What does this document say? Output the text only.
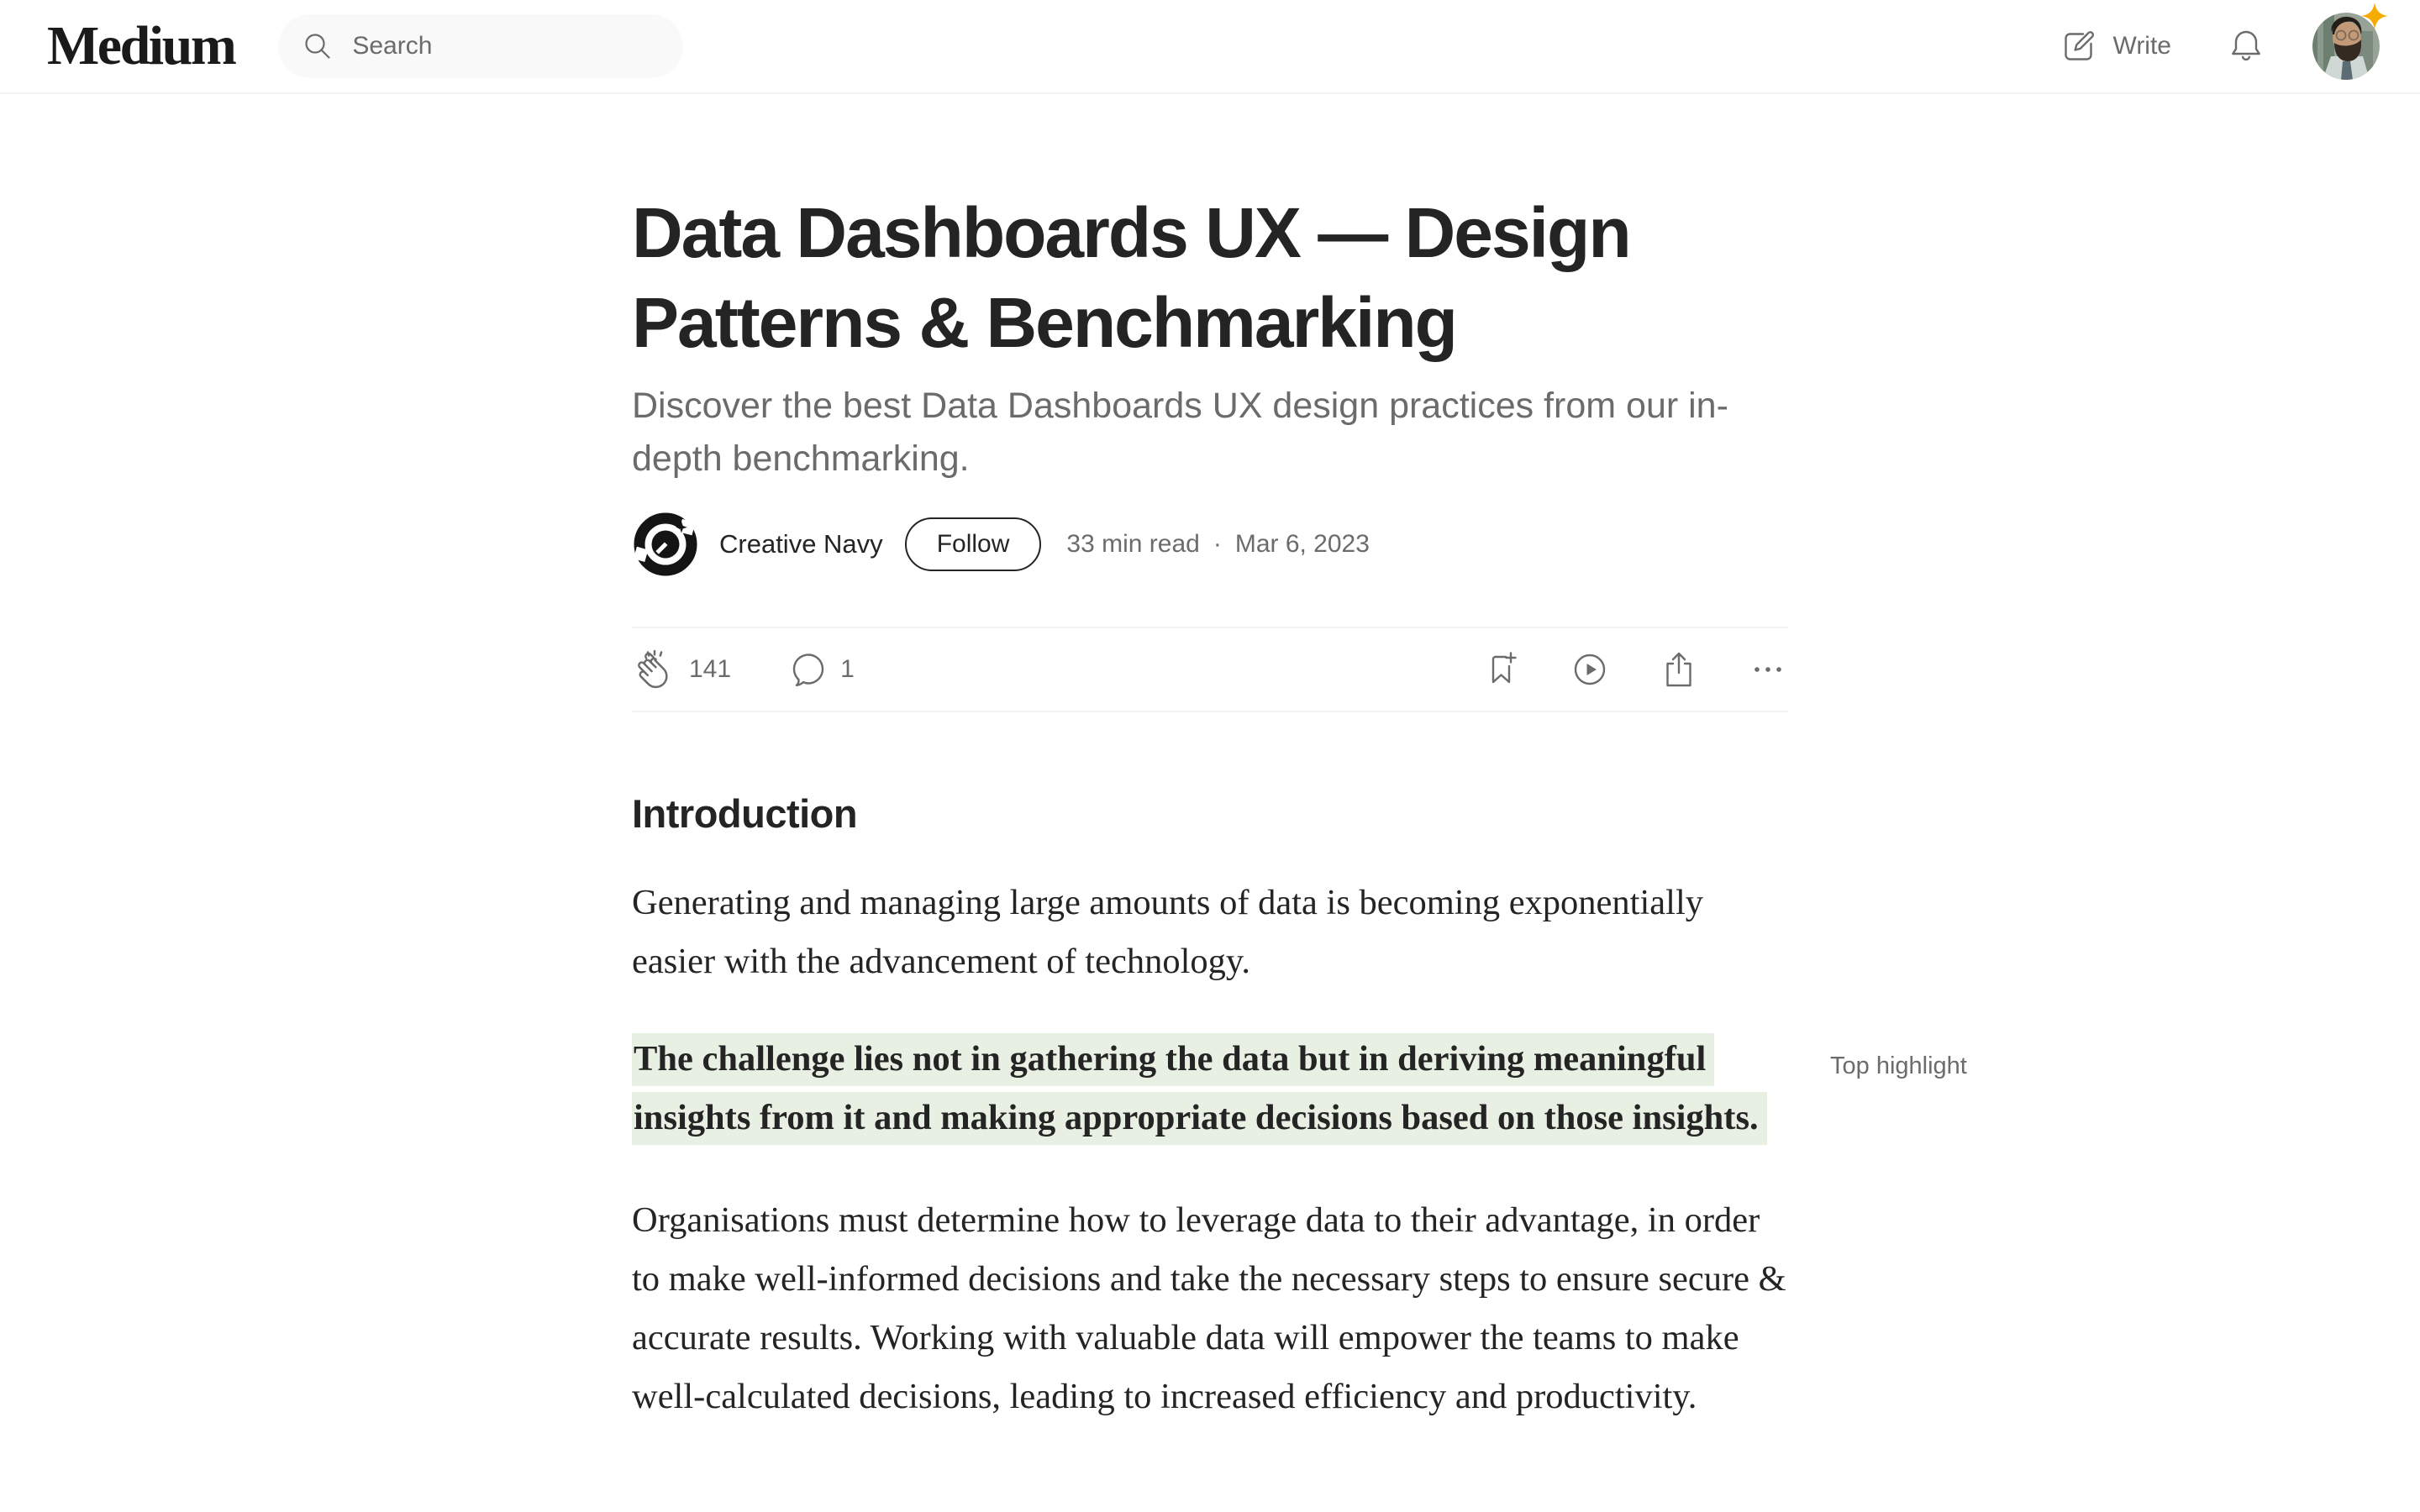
Medium
Search	Write
Data Dashboards UX — Design Patterns & Benchmarking
Discover the best Data Dashboards UX design practices from our in-depth benchmarking.
Creative Navy	Follow	33 min read · Mar 6, 2023
141	1
Introduction

Generating and managing large amounts of data is becoming exponentially easier with the advancement of technology.

The challenge lies not in gathering the data but in deriving meaningful insights from it and making appropriate decisions based on those insights.
Top highlight

Organisations must determine how to leverage data to their advantage, in order to make well-informed decisions and take the necessary steps to ensure secure & accurate results. Working with valuable data will empower the teams to make well-calculated decisions, leading to increased efficiency and productivity.
